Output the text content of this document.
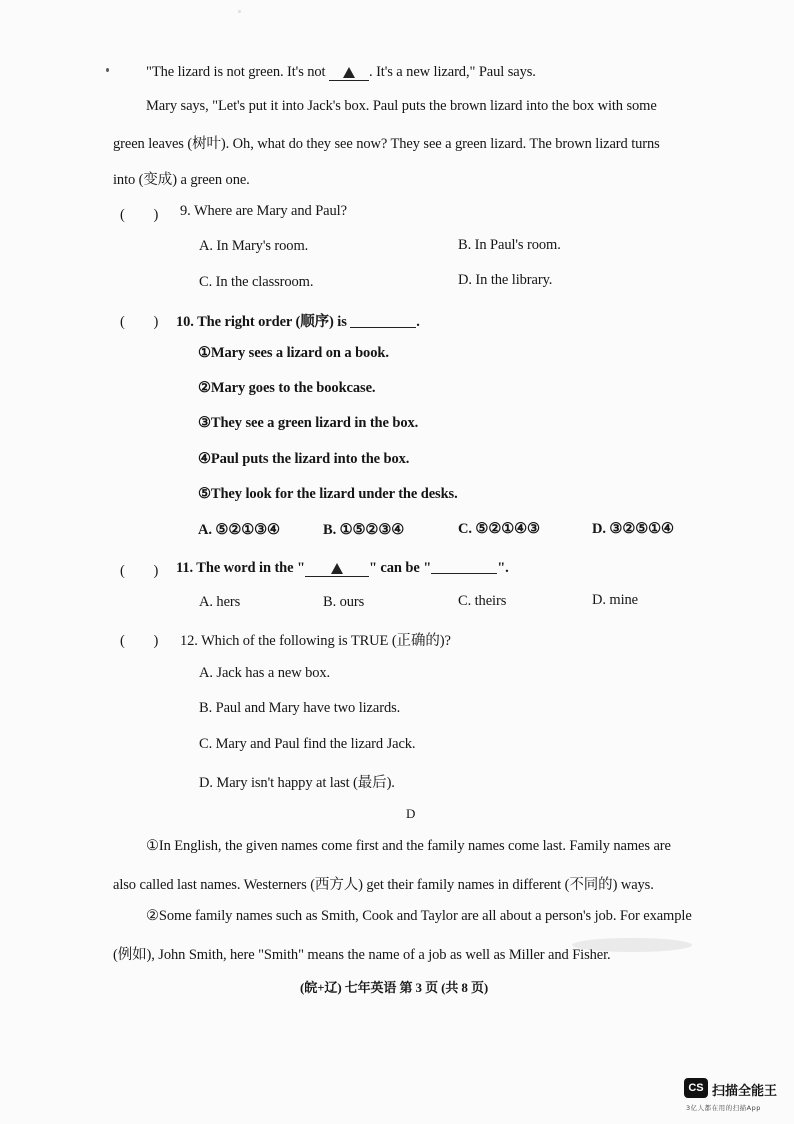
"The lizard is not green. It's not	. It's a new lizard," Paul says.
Mary says, "Let's put it into Jack's box. Paul puts the brown lizard into the box with some
green leaves (树叶). Oh, what do they see now? They see a green lizard. The brown lizard turns
into (变成) a green one.
(　　) 9. Where are Mary and Paul?
A. In Mary's room.	B. In Paul's room.
C. In the classroom.	D. In the library.
(　　) 10. The right order (顺序) is	.
①Mary sees a lizard on a book.
②Mary goes to the bookcase.
③They see a green lizard in the box.
④Paul puts the lizard into the box.
⑤They look for the lizard under the desks.
A. ⑤②①③④	B. ①⑤②③④	C. ⑤②①④③	D. ③②⑤①④
(　　) 11. The word in the "	" can be "	".
A. hers	B. ours	C. theirs	D. mine
(　　) 12. Which of the following is TRUE (正确的)?
A. Jack has a new box.
B. Paul and Mary have two lizards.
C. Mary and Paul find the lizard Jack.
D. Mary isn't happy at last (最后).
D
①In English, the given names come first and the family names come last. Family names are
also called last names. Westerners (西方人) get their family names in different (不同的) ways.
②Some family names such as Smith, Cook and Taylor are all about a person's job. For example
(例如), John Smith, here "Smith" means the name of a job as well as Miller and Fisher.
(皖+辽) 七年英语 第 3 页 (共 8 页)
CS 扫描全能王
3亿人都在用的扫描App
